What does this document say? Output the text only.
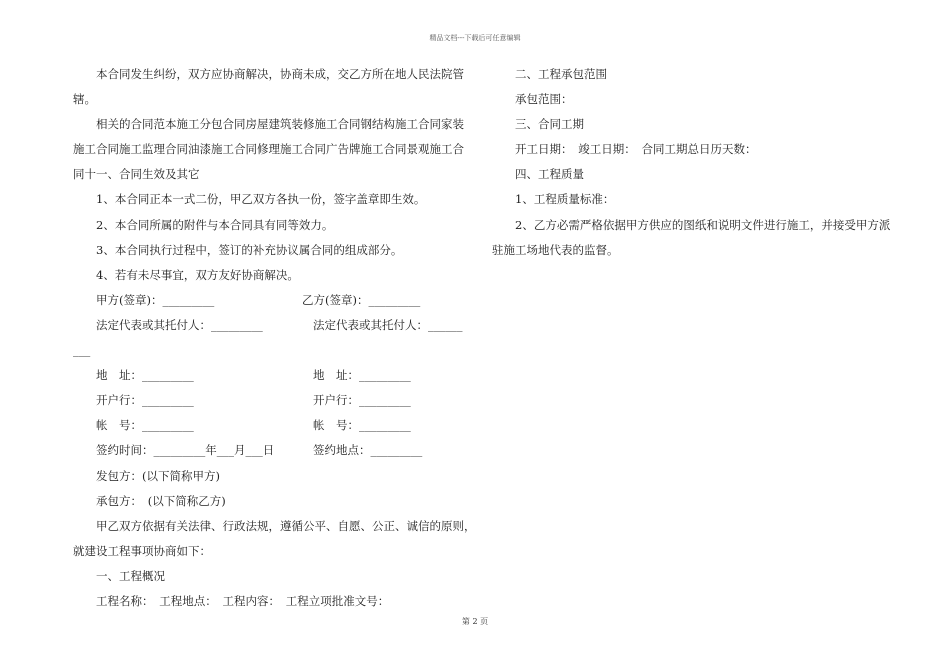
精品文档---下载后可任意编辑
本合同发生纠纷，双方应协商解决，协商未成，交乙方所在地人民法院管
辖。
相关的合同范本施工分包合同房屋建筑装修施工合同钢结构施工合同家装
施工合同施工监理合同油漆施工合同修理施工合同广告牌施工合同景观施工合
同十一、合同生效及其它
1、本合同正本一式二份，甲乙双方各执一份，签字盖章即生效。
2、本合同所属的附件与本合同具有同等效力。
3、本合同执行过程中，签订的补充协议属合同的组成部分。
4、若有未尽事宜，双方友好协商解决。
甲方(签章)：_________	乙方(签章)：_________
法定代表或其托付人：_________	法定代表或其托付人：______
___
地　址：_________	地　址：_________
开户行：_________	开户行：_________
帐　号：_________	帐　号：_________
签约时间：_________年___月___日	签约地点：_________
发包方：(以下简称甲方)
承包方：　(以下简称乙方)
甲乙双方依据有关法律、行政法规，遵循公平、自愿、公正、诚信的原则，
就建设工程事项协商如下：
一、工程概况
工程名称：　工程地点：　工程内容：　工程立项批准文号：
二、工程承包范围
承包范围：
三、合同工期
开工日期：　竣工日期：　合同工期总日历天数：
四、工程质量
1、工程质量标准：
2、乙方必需严格依据甲方供应的图纸和说明文件进行施工，并接受甲方派
驻施工场地代表的监督。
第 2 页
